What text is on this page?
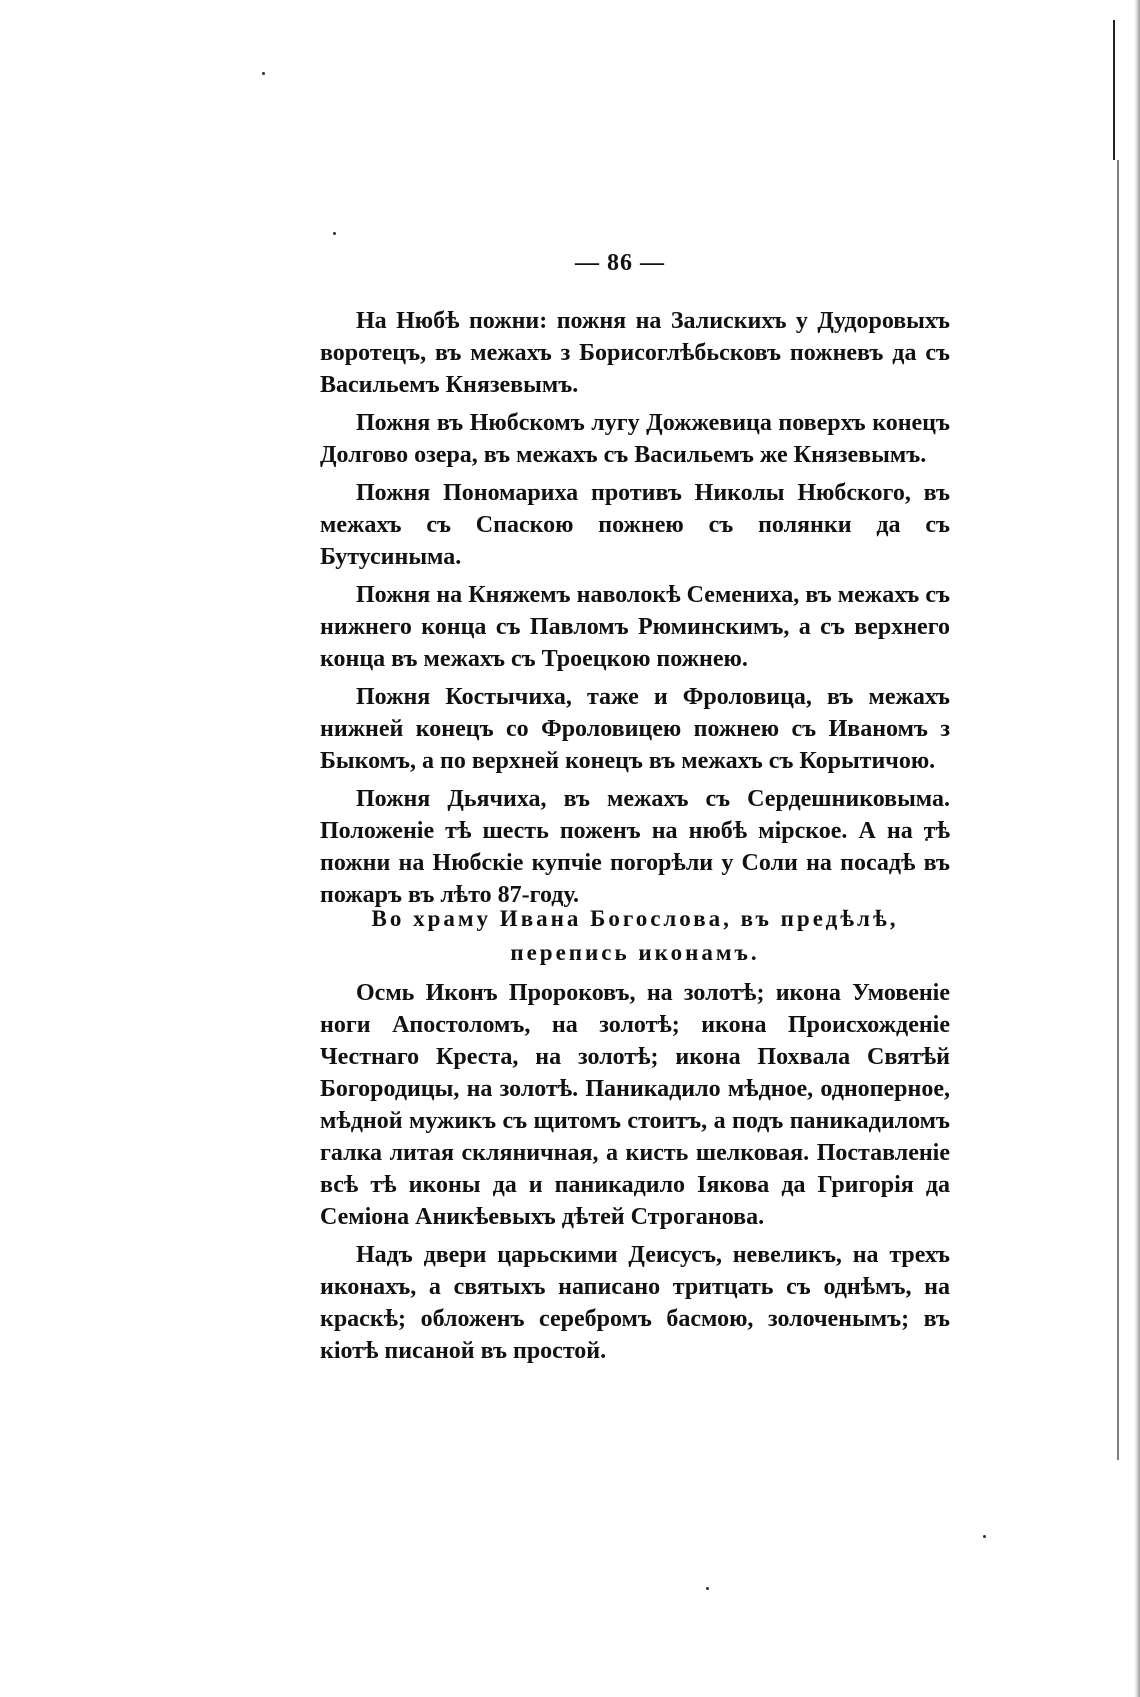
— 86 —

На Нюбѣ пожни: пожня на Залискихъ у Дудоровыхъ воротецъ, въ межахъ з Борисоглѣбьсковъ пожневъ да съ Васильемъ Князевымъ.

Пожня въ Нюбскомъ лугу Дожжевица поверхъ конецъ Долгово озера, въ межахъ съ Васильемъ же Князевымъ.

Пожня Пономариха противъ Николы Нюбского, въ межахъ съ Спаскою пожнею съ полянки да съ Бутусиныма.

Пожня на Княжемъ наволокѣ Семениха, въ межахъ съ нижнего конца съ Павломъ Рюминскимъ, а съ верхнего конца въ межахъ съ Троецкою пожнею.

Пожня Костычиха, таже и Фроловица, въ межахъ нижней конецъ со Фроловицею пожнею съ Иваномъ з Быкомъ, а по верхней конецъ въ межахъ съ Корытичою.

Пожня Дьячиха, въ межахъ съ Сердешниковыма. Положеніе тѣ шесть поженъ на нюбѣ мірское. А на тѣ пожни на Нюбскіе купчіе погорѣли у Соли на посадѣ въ пожаръ въ лѣто 87-году.

Во храму Ивана Богослова, въ предѣлѣ, перепись иконамъ.

Осмь Иконъ Пророковъ, на золотѣ; икона Умовеніе ноги Апостоломъ, на золотѣ; икона Происхожденіе Честнаго Креста, на золотѣ; икона Похвала Святѣй Богородицы, на золотѣ. Паникадило мѣдное, одноперное, мѣдной мужикъ съ щитомъ стоитъ, а подъ паникадиломъ галка литая скляничная, а кисть шелковая. Поставленіе всѣ тѣ иконы да и паникадило Іякова да Григорія да Семіона Аникѣевыхъ дѣтей Строганова.

Надъ двери царьскими Деисусъ, невеликъ, на трехъ иконахъ, а святыхъ написано тритцать съ однѣмъ, на краскѣ; обложенъ серебромъ басмою, золоченымъ; въ кіотѣ писаной въ простой.
